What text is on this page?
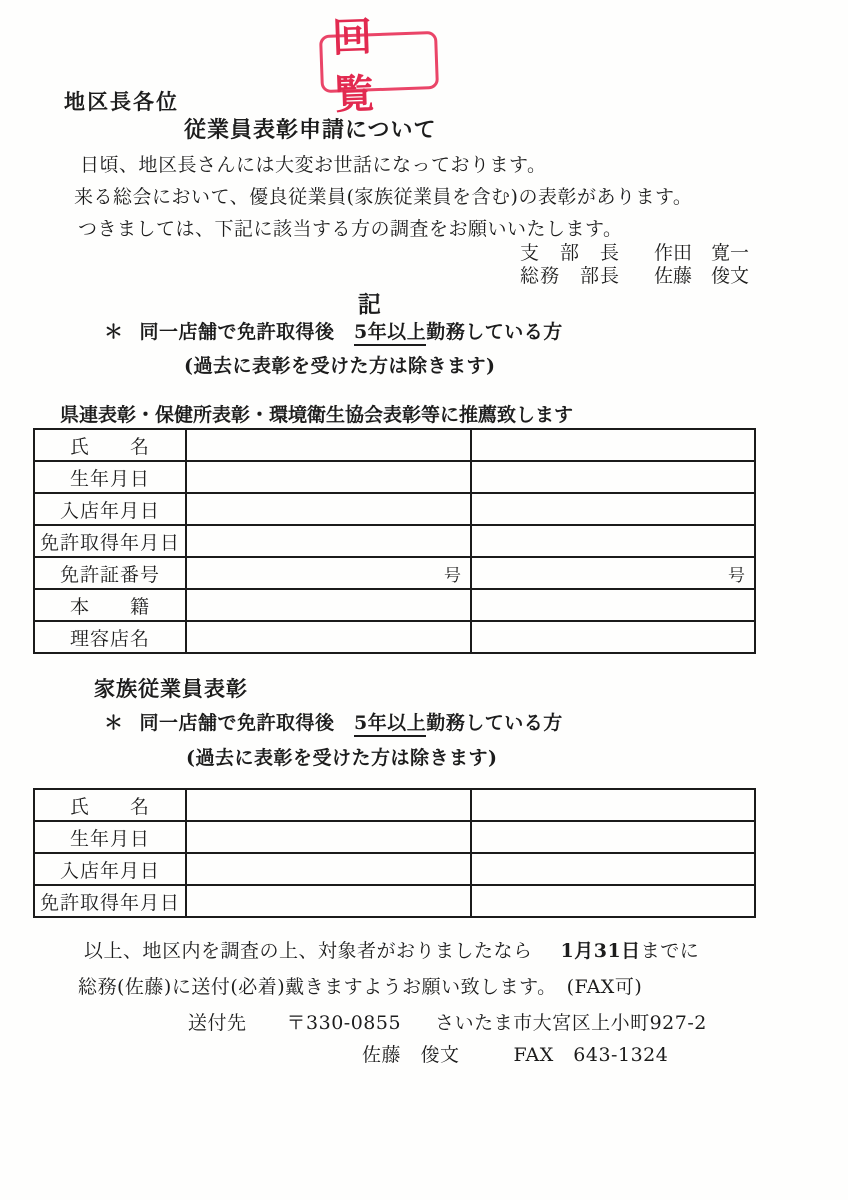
回覧
地区長各位
従業員表彰申請について

日頃、地区長さんには大変お世話になっております。

来る総会において、優良従業員(家族従業員を含む)の表彰があります。

つきましては、下記に該当する方の調査をお願いいたします。

支　部　長 作田　寛一
総務　部長 佐藤　俊文
記
＊ 同一店舗で免許取得後　5年以上勤務している方
(過去に表彰を受けた方は除きます)
県連表彰・保健所表彰・環境衛生協会表彰等に推薦致します
氏　　名		
生年月日		
入店年月日		
免許取得年月日		
免許証番号	号	号
本　　籍		
理容店名		
家族従業員表彰
＊ 同一店舗で免許取得後　5年以上勤務している方
(過去に表彰を受けた方は除きます)
氏　　名		
生年月日		
入店年月日		
免許取得年月日		

以上、地区内を調査の上、対象者がおりましたなら 1月31日までに

総務(佐藤)に送付(必着)戴きますようお願い致します。　(FAX可)

送付先 〒330-0855 さいたま市大宮区上小町927-2
佐藤　俊文	FAX　643-1324
